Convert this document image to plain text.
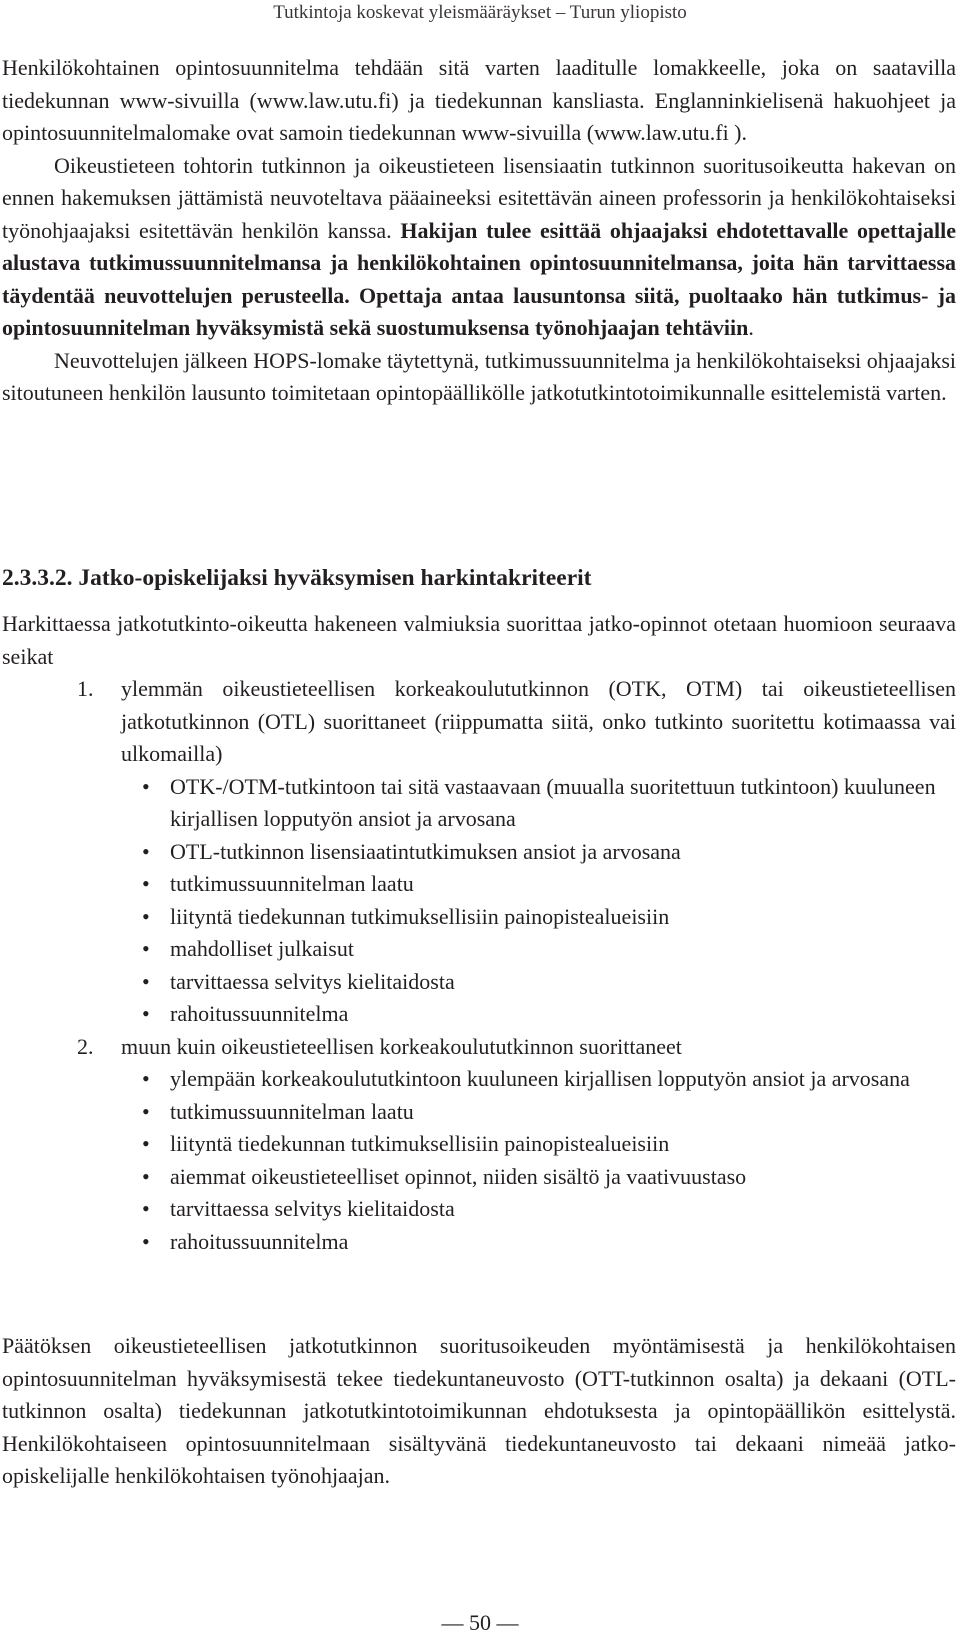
Tutkintoja koskevat yleismääräykset – Turun yliopisto

Henkilökohtainen opintosuunnitelma tehdään sitä varten laaditulle lomakkeelle, joka on saatavilla tiedekunnan www-sivuilla (www.law.utu.fi) ja tiedekunnan kansliasta. Englanninkielisenä hakuohjeet ja opintosuunnitelmalomake ovat samoin tiedekunnan www-sivuilla (www.law.utu.fi ).

Oikeustieteen tohtorin tutkinnon ja oikeustieteen lisensiaatin tutkinnon suoritusoikeutta hakevan on ennen hakemuksen jättämistä neuvoteltava pääaineeksi esitettävän aineen professorin ja henkilökohtaiseksi työnohjaajaksi esitettävän henkilön kanssa. Hakijan tulee esittää ohjaajaksi ehdotettavalle opettajalle alustava tutkimussuunnitelmansa ja henkilökohtainen opintosuunnitelmansa, joita hän tarvittaessa täydentää neuvottelujen perusteella. Opettaja antaa lausuntonsa siitä, puoltaako hän tutkimus- ja opintosuunnitelman hyväksymistä sekä suostumuksensa työnohjaajan tehtäviin.

Neuvottelujen jälkeen HOPS-lomake täytettynä, tutkimussuunnitelma ja henkilökohtaiseksi ohjaajaksi sitoutuneen henkilön lausunto toimitetaan opintopäällikölle jatkotutkintotoimikunnalle esittelemistä varten.

2.3.3.2. Jatko-opiskelijaksi hyväksymisen harkintakriteerit

Harkittaessa jatkotutkinto-oikeutta hakeneen valmiuksia suorittaa jatko-opinnot otetaan huomioon seuraava seikat

1. ylemmän oikeustieteellisen korkeakoulututkinnon (OTK, OTM) tai oikeustieteellisen jatkotutkinnon (OTL) suorittaneet (riippumatta siitä, onko tutkinto suoritettu kotimaassa vai ulkomailla)
• OTK-/OTM-tutkintoon tai sitä vastaavaan (muualla suoritettuun tutkintoon) kuuluneen kirjallisen lopputyön ansiot ja arvosana
• OTL-tutkinnon lisensiaatintutkimuksen ansiot ja arvosana
• tutkimussuunnitelman laatu
• liityntä tiedekunnan tutkimuksellisiin painopistealueisiin
• mahdolliset julkaisut
• tarvittaessa selvitys kielitaidosta
• rahoitussuunnitelma
2. muun kuin oikeustieteellisen korkeakoulututkinnon suorittaneet
• ylempään korkeakoulututkintoon kuuluneen kirjallisen lopputyön ansiot ja arvosana
• tutkimussuunnitelman laatu
• liityntä tiedekunnan tutkimuksellisiin painopistealueisiin
• aiemmat oikeustieteelliset opinnot, niiden sisältö ja vaativuustaso
• tarvittaessa selvitys kielitaidosta
• rahoitussuunnitelma

Päätöksen oikeustieteellisen jatkotutkinnon suoritusoikeuden myöntämisestä ja henkilökohtaisen opintosuunnitelman hyväksymisestä tekee tiedekuntaneuvosto (OTT-tutkinnon osalta) ja dekaani (OTL-tutkinnon osalta) tiedekunnan jatkotutkintotoimikunnan ehdotuksesta ja opintopäällikön esittelystä. Henkilökohtaiseen opintosuunnitelmaan sisältyvänä tiedekuntaneuvosto tai dekaani nimeää jatko-opiskelijalle henkilökohtaisen työnohjaajan.

— 50 —
